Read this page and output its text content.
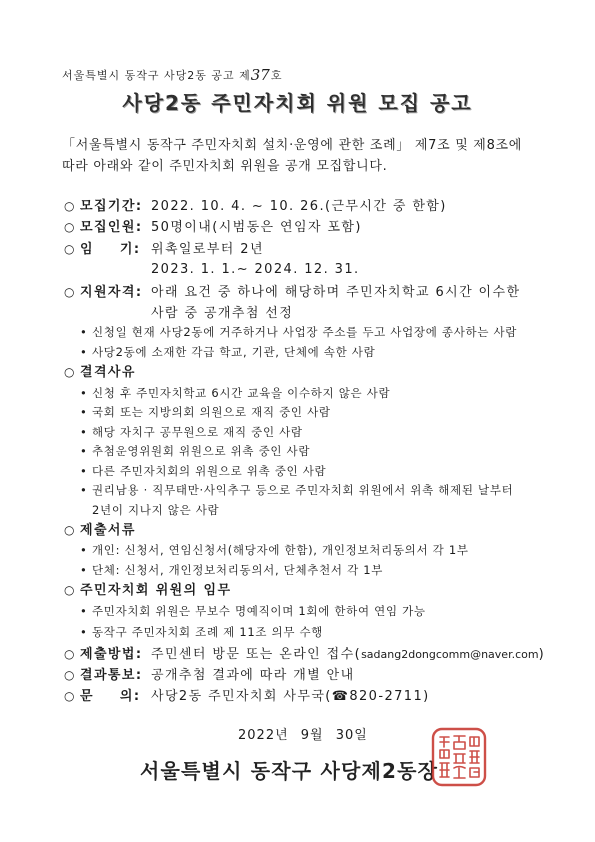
서울특별시 동작구 사당2동 공고 제37호
사당2동 주민자치회 위원 모집 공고
「서울특별시 동작구 주민자치회 설치·운영에 관한 조례」 제7조 및 제8조에
따라 아래와 같이 주민자치회 위원을 공개 모집합니다.
○ 모집기간: 2022. 10. 4. ~ 10. 26.(근무시간 중 한함)
○ 모집인원: 50명이내(시범동은 연임자 포함)
○ 임 기: 위촉일로부터 2년
2023. 1. 1.~ 2024. 12. 31.
○ 지원자격: 아래 요건 중 하나에 해당하며 주민자치학교 6시간 이수한
사람 중 공개추첨 선정
• 신청일 현재 사당2동에 거주하거나 사업장 주소를 두고 사업장에 종사하는 사람
• 사당2동에 소재한 각급 학교, 기관, 단체에 속한 사람
○ 결격사유
• 신청 후 주민자치학교 6시간 교육을 이수하지 않은 사람
• 국회 또는 지방의회 의원으로 재직 중인 사람
• 해당 자치구 공무원으로 재직 중인 사람
• 추첨운영위원회 위원으로 위촉 중인 사람
• 다른 주민자치회의 위원으로 위촉 중인 사람
• 권리남용 · 직무태만·사익추구 등으로 주민자치회 위원에서 위촉 해제된 날부터
2년이 지나지 않은 사람
○ 제출서류
• 개인: 신청서, 연임신청서(해당자에 한함), 개인정보처리동의서 각 1부
• 단체: 신청서, 개인정보처리동의서, 단체추천서 각 1부
○ 주민자치회 위원의 임무
• 주민자치회 위원은 무보수 명예직이며 1회에 한하여 연임 가능
• 동작구 주민자치회 조례 제 11조 의무 수행
○ 제출방법: 주민센터 방문 또는 온라인 접수( sadang2dongcomm@naver.com )
○ 결과통보: 공개추첨 결과에 따라 개별 안내
○ 문 의: 사당2동 주민자치회 사무국(☎820-2711)
2022년 9월 30일
서울특별시 동작구 사당제2동장
